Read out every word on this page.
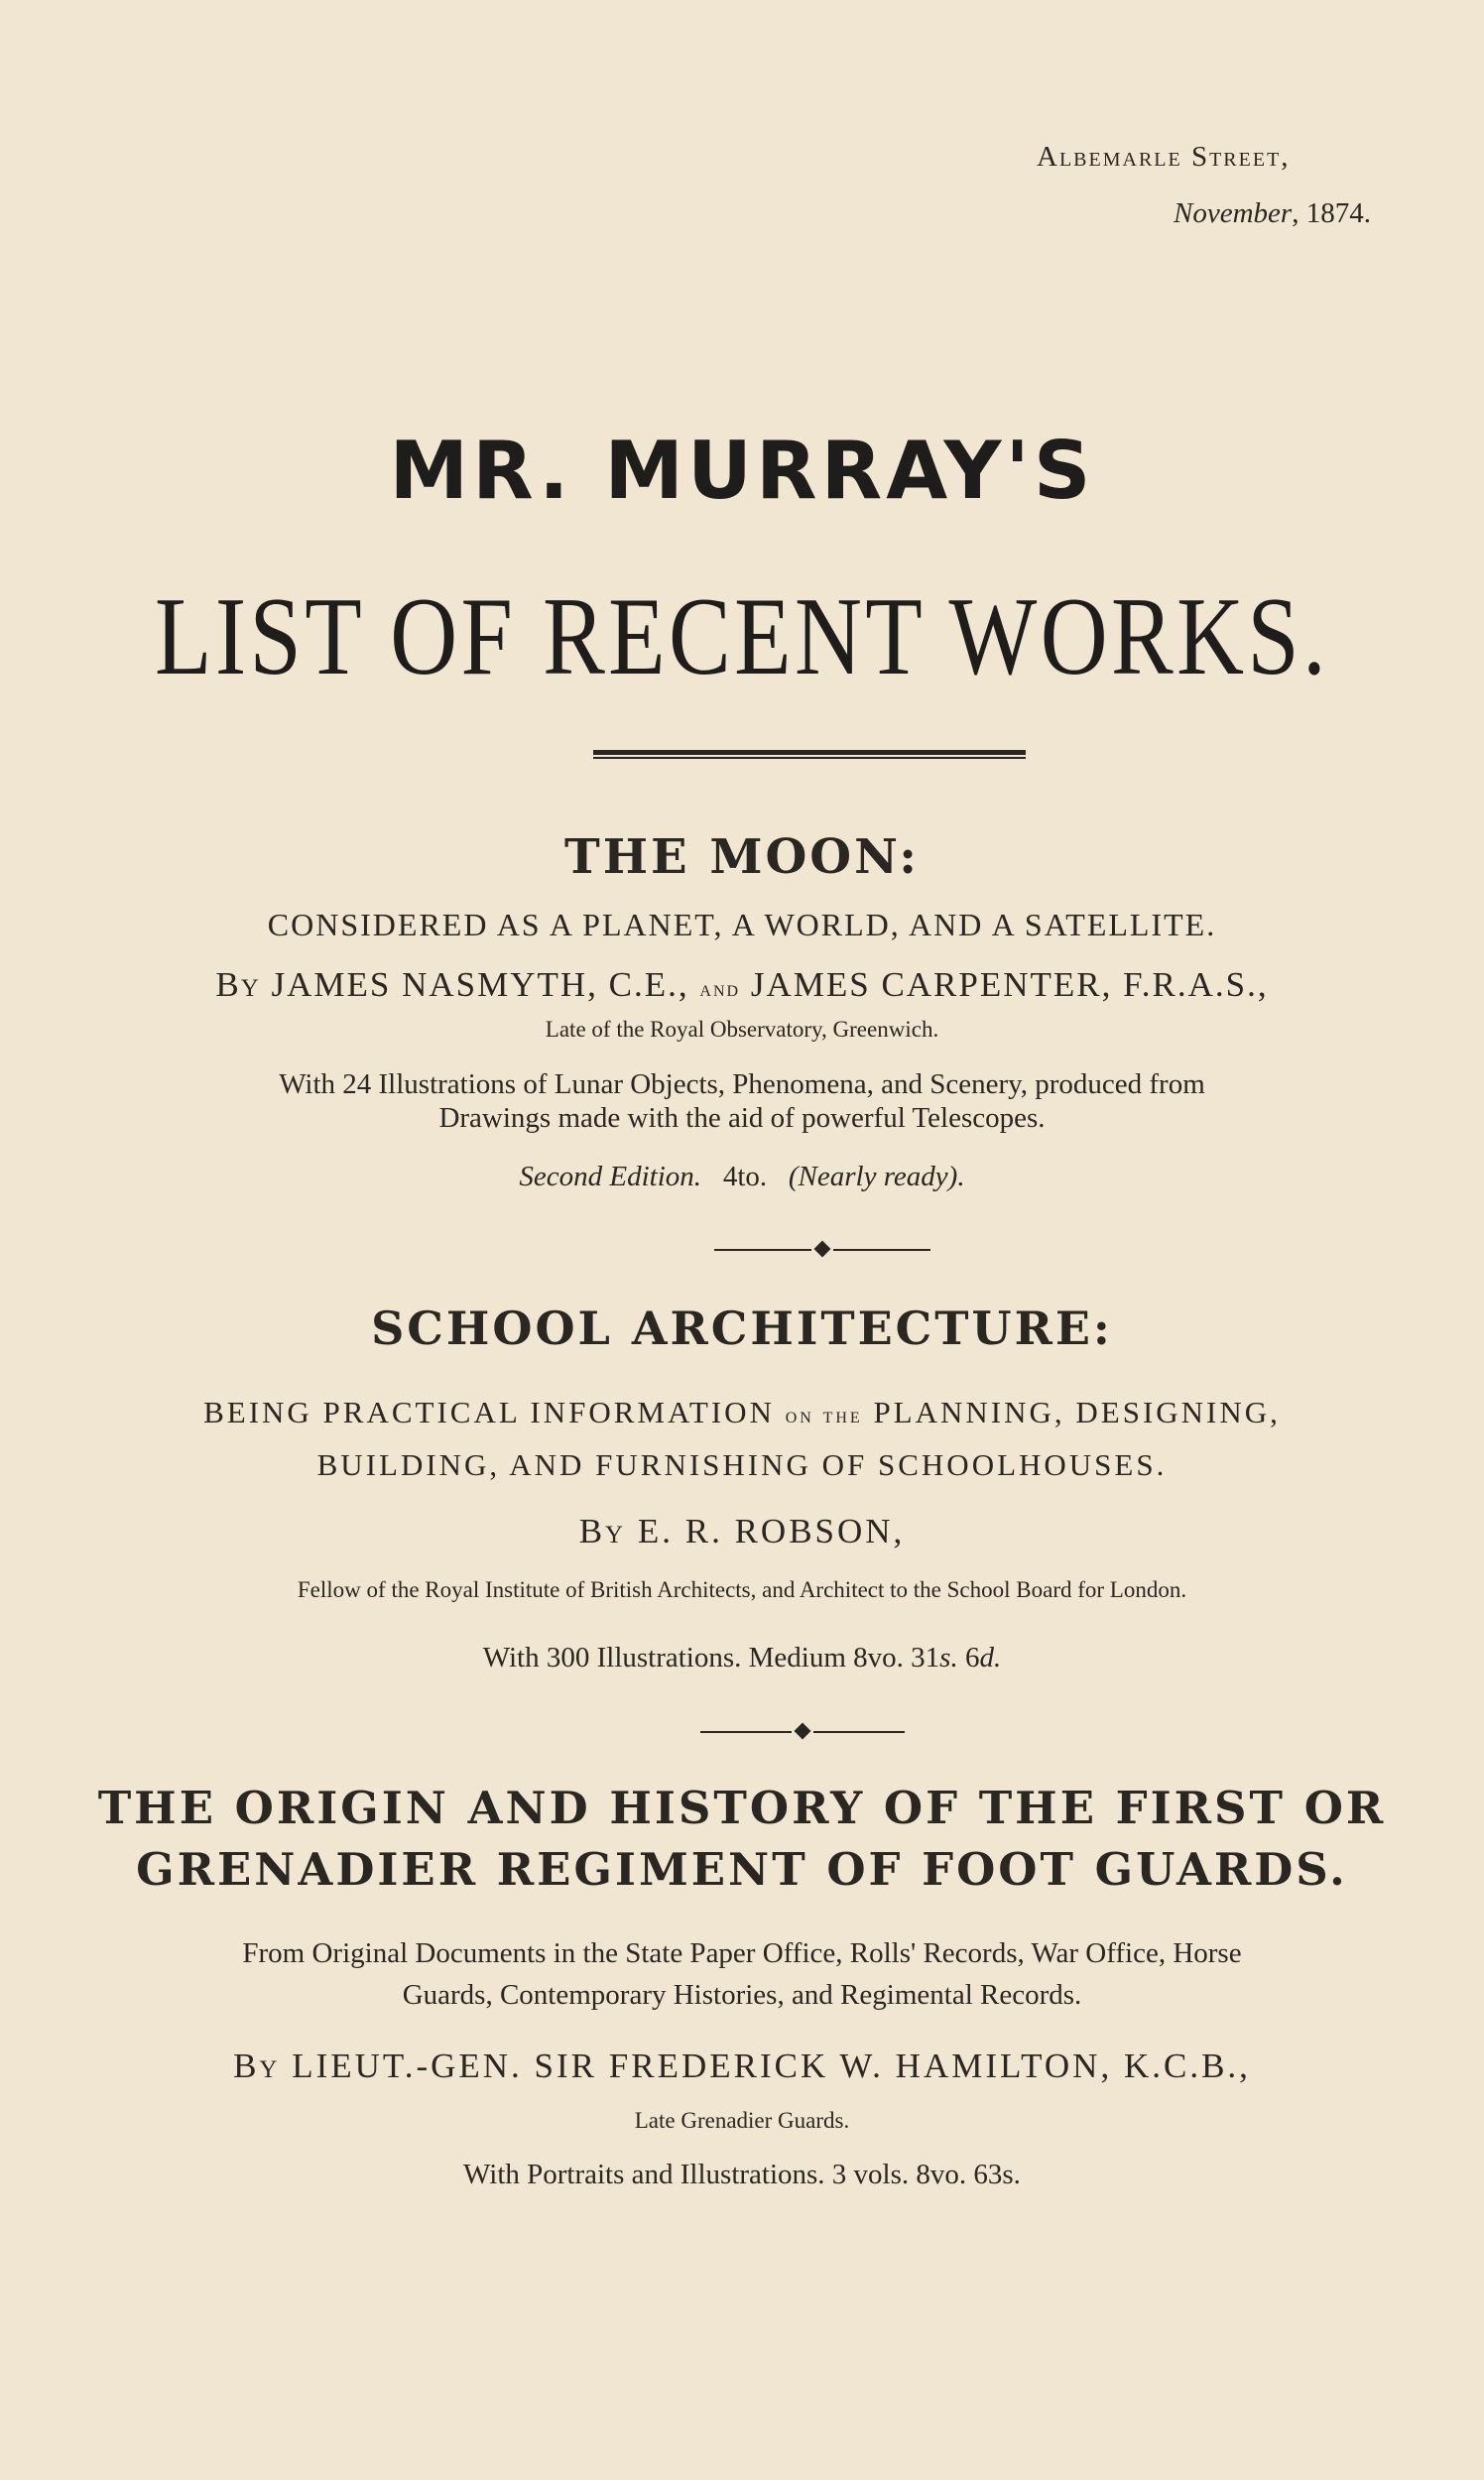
Albemarle Street,
November, 1874.
MR. MURRAY'S
LIST OF RECENT WORKS.
THE MOON:
CONSIDERED AS A PLANET, A WORLD, AND A SATELLITE.
By JAMES NASMYTH, C.E., and JAMES CARPENTER, F.R.A.S.,
Late of the Royal Observatory, Greenwich.
With 24 Illustrations of Lunar Objects, Phenomena, and Scenery, produced from
Drawings made with the aid of powerful Telescopes.
Second Edition. 4to. (Nearly ready).
SCHOOL ARCHITECTURE:
BEING PRACTICAL INFORMATION on the PLANNING, DESIGNING,
BUILDING, AND FURNISHING OF SCHOOLHOUSES.
By E. R. ROBSON,
Fellow of the Royal Institute of British Architects, and Architect to the School Board for London.
With 300 Illustrations. Medium 8vo. 31s. 6d.
THE ORIGIN AND HISTORY OF THE FIRST OR
GRENADIER REGIMENT OF FOOT GUARDS.
From Original Documents in the State Paper Office, Rolls' Records, War Office, Horse
Guards, Contemporary Histories, and Regimental Records.
By LIEUT.-GEN. SIR FREDERICK W. HAMILTON, K.C.B.,
Late Grenadier Guards.
With Portraits and Illustrations. 3 vols. 8vo. 63s.
